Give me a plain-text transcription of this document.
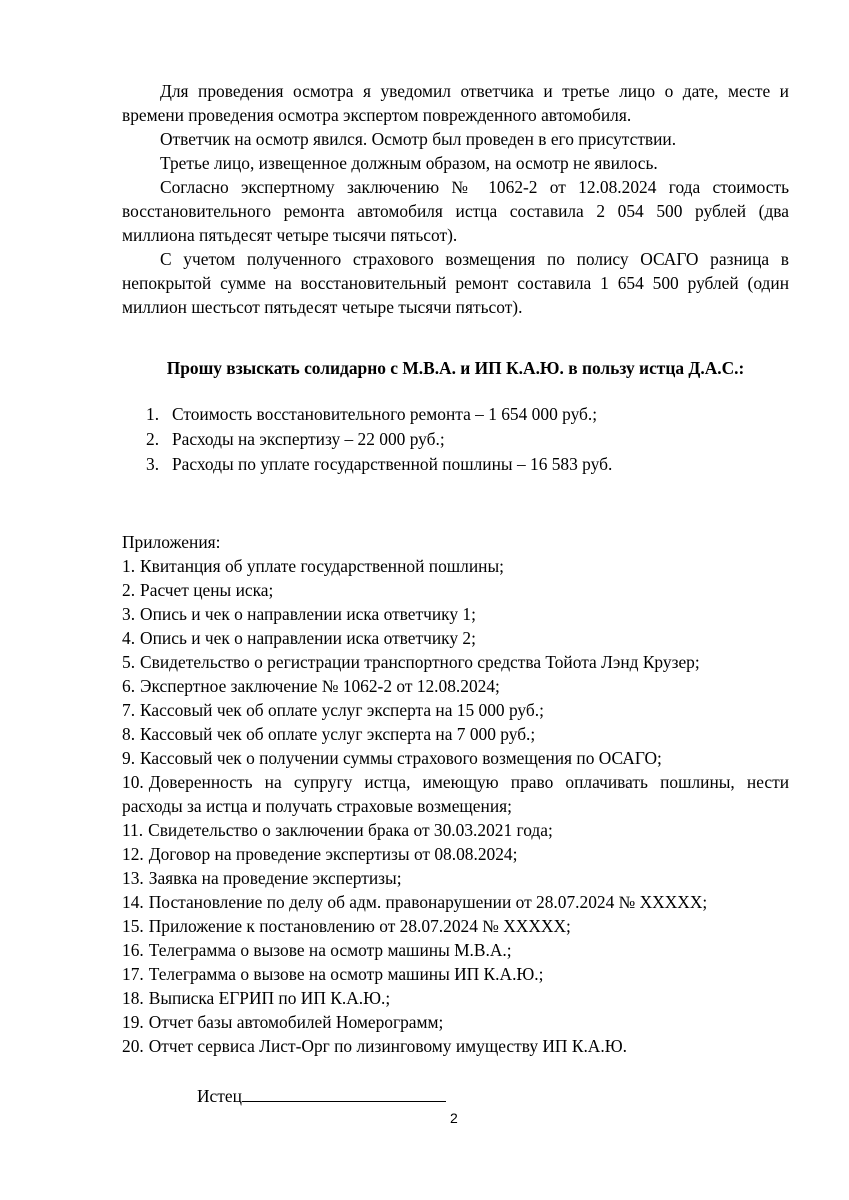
Для проведения осмотра я уведомил ответчика и третье лицо о дате, месте и времени проведения осмотра экспертом поврежденного автомобиля.

Ответчик на осмотр явился. Осмотр был проведен в его присутствии.

Третье лицо, извещенное должным образом, на осмотр не явилось.

Согласно экспертному заключению № 1062-2 от 12.08.2024 года стоимость восстановительного ремонта автомобиля истца составила 2 054 500 рублей (два миллиона пятьдесят четыре тысячи пятьсот).

С учетом полученного страхового возмещения по полису ОСАГО разница в непокрытой сумме на восстановительный ремонт составила 1 654 500 рублей (один миллион шестьсот пятьдесят четыре тысячи пятьсот).

Прошу взыскать солидарно с М.В.А. и ИП К.А.Ю. в пользу истца Д.А.С.:

1. Стоимость восстановительного ремонта – 1 654 000 руб.;
2. Расходы на экспертизу – 22 000 руб.;
3. Расходы по уплате государственной пошлины – 16 583 руб.

Приложения:

1. Квитанция об уплате государственной пошлины;
2. Расчет цены иска;
3. Опись и чек о направлении иска ответчику 1;
4. Опись и чек о направлении иска ответчику 2;
5. Свидетельство о регистрации транспортного средства Тойота Лэнд Крузер;
6. Экспертное заключение № 1062-2 от 12.08.2024;
7. Кассовый чек об оплате услуг эксперта на 15 000 руб.;
8. Кассовый чек об оплате услуг эксперта на 7 000 руб.;
9. Кассовый чек о получении суммы страхового возмещения по ОСАГО;
10. Доверенность на супругу истца, имеющую право оплачивать пошлины, нести расходы за истца и получать страховые возмещения;
11. Свидетельство о заключении брака от 30.03.2021 года;
12. Договор на проведение экспертизы от 08.08.2024;
13. Заявка на проведение экспертизы;
14. Постановление по делу об адм. правонарушении от 28.07.2024 № XXXXX;
15. Приложение к постановлению от 28.07.2024 № XXXXX;
16. Телеграмма о вызове на осмотр машины М.В.А.;
17. Телеграмма о вызове на осмотр машины ИП К.А.Ю.;
18. Выписка ЕГРИП по ИП К.А.Ю.;
19. Отчет базы автомобилей Номерограмм;
20. Отчет сервиса Лист-Орг по лизинговому имуществу ИП К.А.Ю.
Истец
2
